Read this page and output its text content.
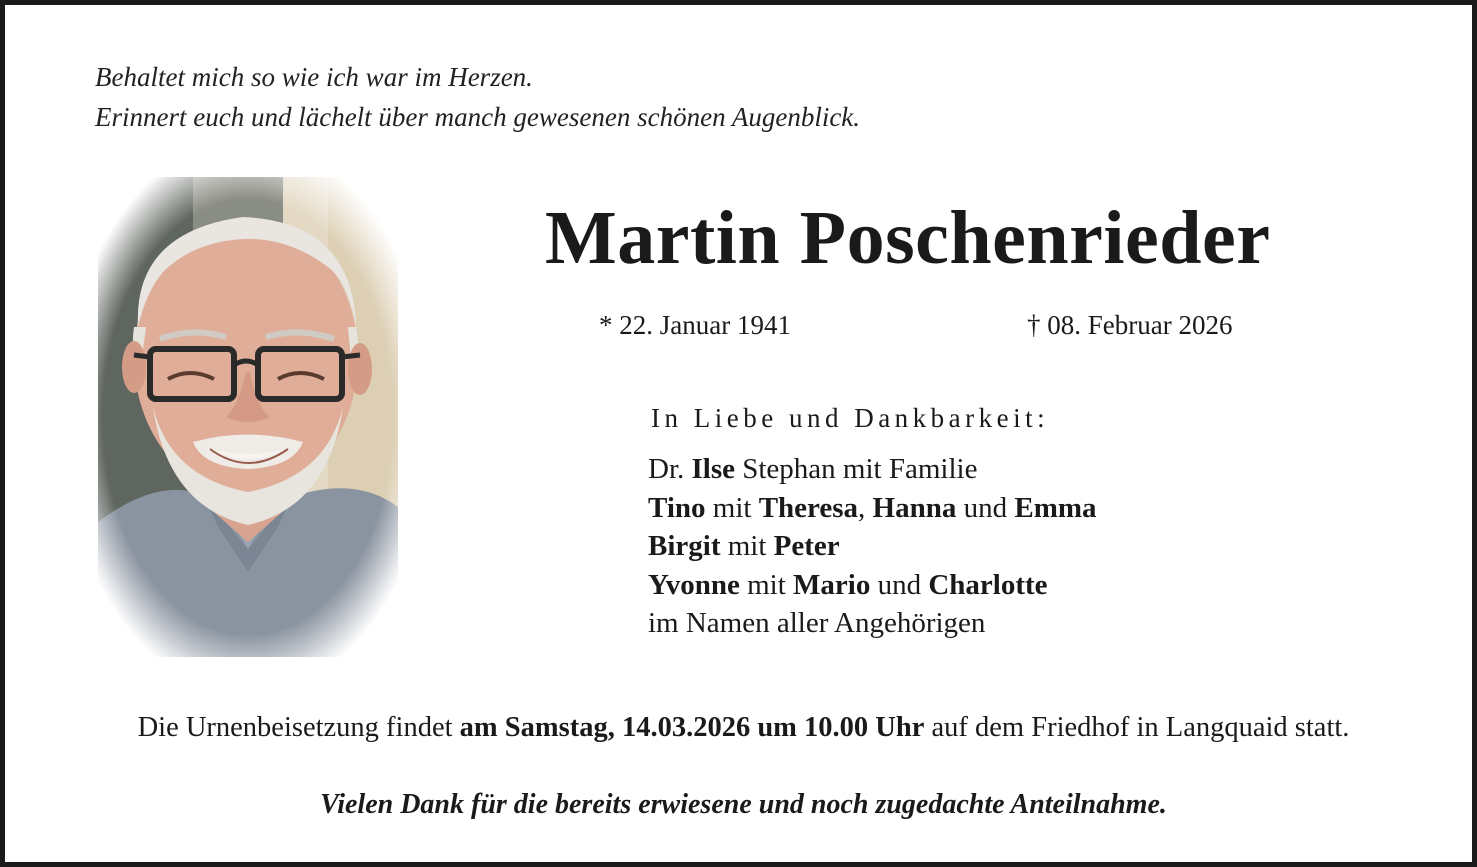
Behaltet mich so wie ich war im Herzen.
Erinnert euch und lächelt über manch gewesenen schönen Augenblick.
Martin Poschenrieder
* 22. Januar 1941	† 08. Februar 2026
In Liebe und Dankbarkeit:
Dr. Ilse Stephan mit Familie
Tino mit Theresa, Hanna und Emma
Birgit mit Peter
Yvonne mit Mario und Charlotte
im Namen aller Angehörigen
Die Urnenbeisetzung findet am Samstag, 14.03.2026 um 10.00 Uhr auf dem Friedhof in Langquaid statt.
Vielen Dank für die bereits erwiesene und noch zugedachte Anteilnahme.
